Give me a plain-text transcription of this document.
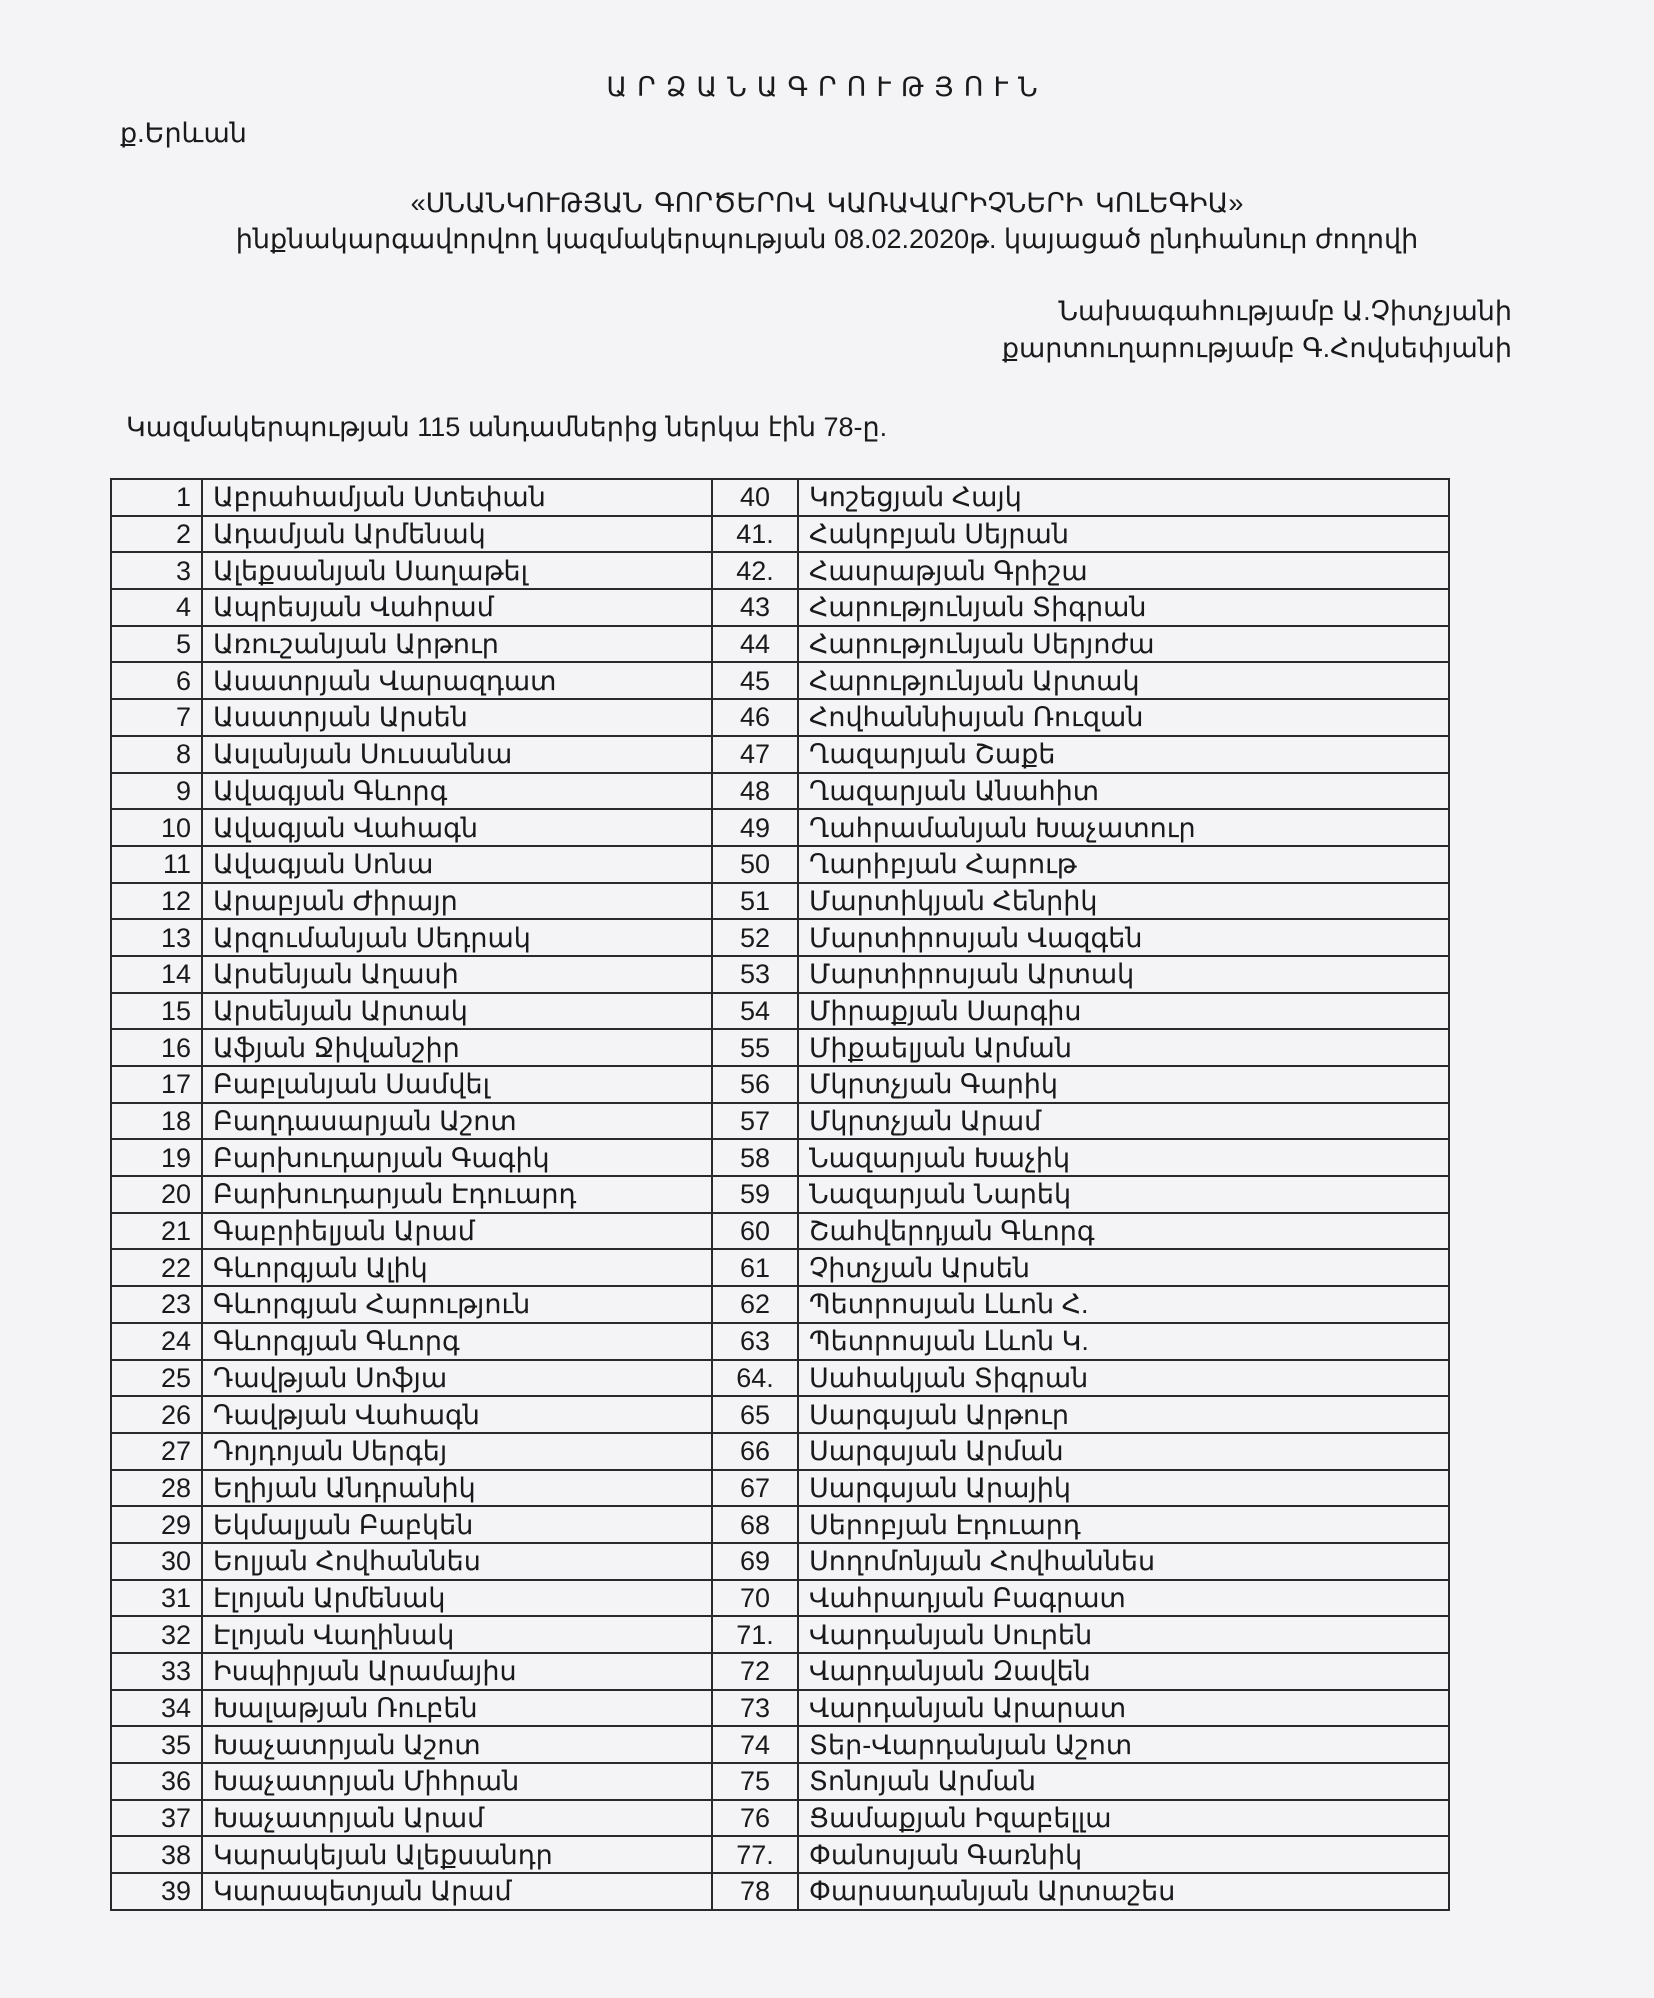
ԱՐՁԱՆԱԳՐՈՒԹՅՈՒՆ
ք.Երևան
«ՍՆԱՆԿՈՒԹՅԱՆ ԳՈՐԾԵՐՈՎ ԿԱՌԱՎԱՐԻՉՆԵՐԻ ԿՈԼԵԳԻԱ»
ինքնակարգավորվող կազմակերպության 08.02.2020թ. կայացած ընդհանուր ժողովի
Նախագահությամբ Ա.Չիտչյանի
քարտուղարությամբ Գ.Հովսեփյանի
Կազմակերպության 115 անդամներից ներկա էին 78-ը.
1	Աբրահամյան Ստեփան	40	Կոշեցյան Հայկ
2	Ադամյան Արմենակ	41.	Հակոբյան Սեյրան
3	Ալեքսանյան Սաղաթել	42.	Հասրաթյան Գրիշա
4	Ապրեսյան Վահրամ	43	Հարությունյան Տիգրան
5	Առուշանյան Արթուր	44	Հարությունյան Սերյոժա
6	Ասատրյան Վարազդատ	45	Հարությունյան Արտակ
7	Ասատրյան Արսեն	46	Հովհաննիսյան Ռուզան
8	Ասլանյան Սուսաննա	47	Ղազարյան Շաքե
9	Ավագյան Գևորգ	48	Ղազարյան Անահիտ
10	Ավագյան Վահագն	49	Ղահրամանյան Խաչատուր
11	Ավագյան Սոնա	50	Ղարիբյան Հարութ
12	Արաբյան Ժիրայր	51	Մարտիկյան Հենրիկ
13	Արզումանյան Սեդրակ	52	Մարտիրոսյան Վազգեն
14	Արսենյան Աղասի	53	Մարտիրոսյան Արտակ
15	Արսենյան Արտակ	54	Միրաքյան Սարգիս
16	Աֆյան Ջիվանշիր	55	Միքաելյան Արման
17	Բաբլանյան Սամվել	56	Մկրտչյան Գարիկ
18	Բաղդասարյան Աշոտ	57	Մկրտչյան Արամ
19	Բարխուդարյան Գագիկ	58	Նազարյան Խաչիկ
20	Բարխուդարյան Էդուարդ	59	Նազարյան Նարեկ
21	Գաբրիելյան Արամ	60	Շահվերդյան Գևորգ
22	Գևորգյան Ալիկ	61	Չիտչյան Արսեն
23	Գևորգյան Հարություն	62	Պետրոսյան Լևոն Հ.
24	Գևորգյան Գևորգ	63	Պետրոսյան Լևոն Կ.
25	Դավթյան Սոֆյա	64.	Սահակյան Տիգրան
26	Դավթյան Վահագն	65	Սարգսյան Արթուր
27	Դոյդոյան Սերգեյ	66	Սարգսյան Արման
28	Եղիյան Անդրանիկ	67	Սարգսյան Արայիկ
29	Եկմալյան Բաբկեն	68	Սերոբյան Էդուարդ
30	Եոլյան Հովհաննես	69	Սողոմոնյան Հովհաննես
31	Էլոյան Արմենակ	70	Վահրադյան Բագրատ
32	Էլոյան Վաղինակ	71.	Վարդանյան Սուրեն
33	Իսպիրյան Արամայիս	72	Վարդանյան Զավեն
34	Խալաթյան Ռուբեն	73	Վարդանյան Արարատ
35	Խաչատրյան Աշոտ	74	Տեր-Վարդանյան Աշոտ
36	Խաչատրյան Միհրան	75	Տոնոյան Արման
37	Խաչատրյան Արամ	76	Ցամաքյան Իզաբելլա
38	Կարակեյան Ալեքսանդր	77.	Փանոսյան Գառնիկ
39	Կարապետյան Արամ	78	Փարսադանյան Արտաշես
